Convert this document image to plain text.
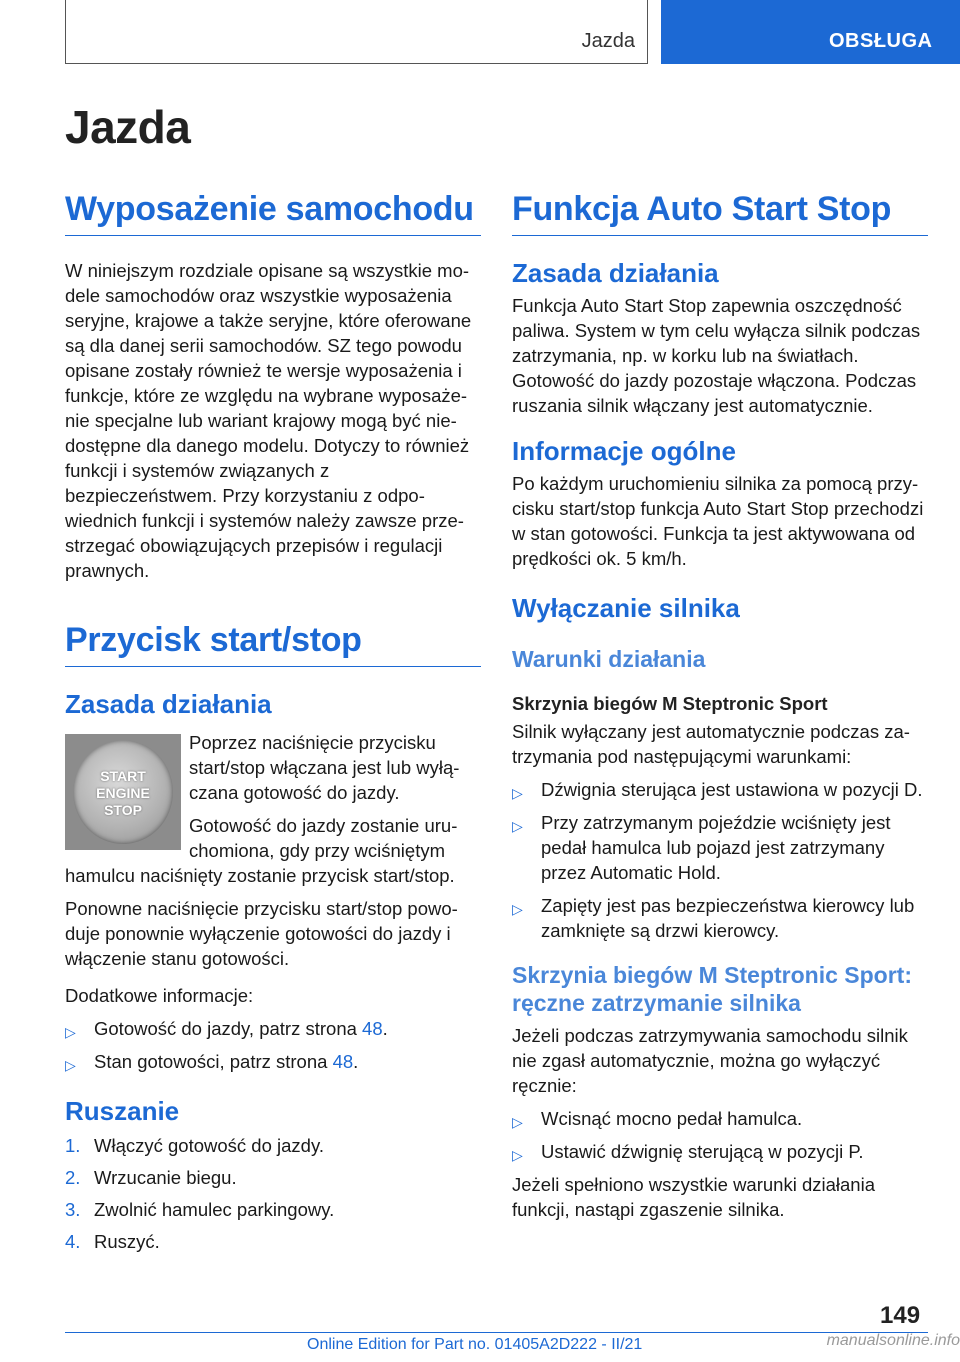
Jazda	OBSŁUGA
Jazda
Wyposażenie samochodu

W niniejszym rozdziale opisane są wszystkie modele samochodów oraz wszystkie wyposażenia seryjne, krajowe a także seryjne, które oferowane są dla danej serii samochodów. SZ tego powodu opisane zostały również te wersje wyposażenia i funkcje, które ze względu na wybrane wyposażenie specjalne lub wariant krajowy mogą być niedostępne dla danego modelu. Dotyczy to również funkcji i systemów związanych z bezpieczeństwem. Przy korzystaniu z odpowiednich funkcji i systemów należy zawsze przestrzegać obowiązujących przepisów i regulacji prawnych.

Przycisk start/stop
Zasada działania
START
ENGINE
STOP

Poprzez naciśnięcie przycisku start/stop włączana jest lub wyłączana gotowość do jazdy.

Gotowość do jazdy zostanie uruchomiona, gdy przy wciśniętym hamulcu naciśnięty zostanie przycisk start/stop.

Ponowne naciśnięcie przycisku start/stop powoduje ponownie wyłączenie gotowości do jazdy i włączenie stanu gotowości.

Dodatkowe informacje:

▷ Gotowość do jazdy, patrz strona 48.
▷ Stan gotowości, patrz strona 48.
Ruszanie
1. Włączyć gotowość do jazdy.
2. Wrzucanie biegu.
3. Zwolnić hamulec parkingowy.
4. Ruszyć.
Funkcja Auto Start Stop
Zasada działania

Funkcja Auto Start Stop zapewnia oszczędność paliwa. System w tym celu wyłącza silnik podczas zatrzymania, np. w korku lub na światłach. Gotowość do jazdy pozostaje włączona. Podczas ruszania silnik włączany jest automatycznie.

Informacje ogólne

Po każdym uruchomieniu silnika za pomocą przycisku start/stop funkcja Auto Start Stop przechodzi w stan gotowości. Funkcja ta jest aktywowana od prędkości ok. 5 km/h.

Wyłączanie silnika
Warunki działania
Skrzynia biegów M Steptronic Sport

Silnik wyłączany jest automatycznie podczas zatrzymania pod następującymi warunkami:

▷ Dźwignia sterująca jest ustawiona w pozycji D.
▷ Przy zatrzymanym pojeździe wciśnięty jest pedał hamulca lub pojazd jest zatrzymany przez Automatic Hold.
▷ Zapięty jest pas bezpieczeństwa kierowcy lub zamknięte są drzwi kierowcy.
Skrzynia biegów M Steptronic Sport: ręczne zatrzymanie silnika

Jeżeli podczas zatrzymywania samochodu silnik nie zgasł automatycznie, można go wyłączyć ręcznie:

▷ Wcisnąć mocno pedał hamulca.
▷ Ustawić dźwignię sterującą w pozycji P.

Jeżeli spełniono wszystkie warunki działania funkcji, nastąpi zgaszenie silnika.

149
Online Edition for Part no. 01405A2D222 - II/21	manualsonline.info
